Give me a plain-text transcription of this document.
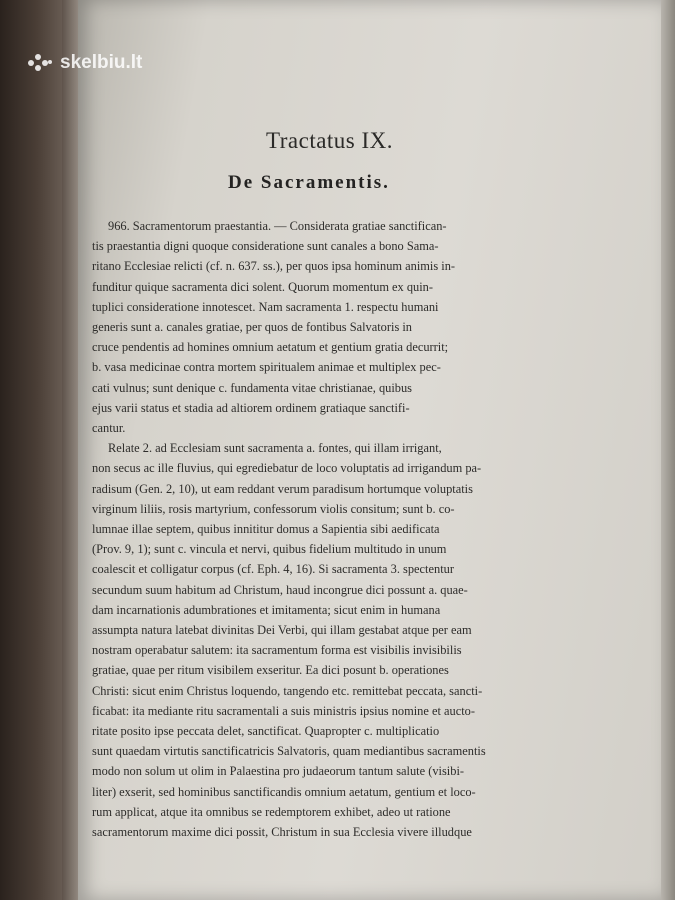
skelbiu.lt
Tractatus IX.
De Sacramentis.
966. Sacramentorum praestantia. — Considerata gratiae sanctifican-
tis praestantia digni quoque consideratione sunt canales a bono Sama-
ritano Ecclesiae relicti (cf. n. 637. ss.), per quos ipsa hominum animis in-
funditur quique sacramenta dici solent. Quorum momentum ex quin-
tuplici consideratione innotescet. Nam sacramenta 1. respectu humani
generis sunt a. canales gratiae, per quos de fontibus Salvatoris in
cruce pendentis ad homines omnium aetatum et gentium gratia decurrit;
b. vasa medicinae contra mortem spiritualem animae et multiplex pec-
cati vulnus; sunt denique c. fundamenta vitae christianae, quibus
ejus varii status et stadia ad altiorem ordinem gratiaque sanctifi-
cantur.
Relate 2. ad Ecclesiam sunt sacramenta a. fontes, qui illam irrigant,
non secus ac ille fluvius, qui egrediebatur de loco voluptatis ad irrigandum pa-
radisum (Gen. 2, 10), ut eam reddant verum paradisum hortumque voluptatis
virginum liliis, rosis martyrium, confessorum violis consitum; sunt b. co-
lumnae illae septem, quibus innititur domus a Sapientia sibi aedificata
(Prov. 9, 1); sunt c. vincula et nervi, quibus fidelium multitudo in unum
coalescit et colligatur corpus (cf. Eph. 4, 16). Si sacramenta 3. spectentur
secundum suum habitum ad Christum, haud incongrue dici possunt a. quae-
dam incarnationis adumbrationes et imitamenta; sicut enim in humana
assumpta natura latebat divinitas Dei Verbi, qui illam gestabat atque per eam
nostram operabatur salutem: ita sacramentum forma est visibilis invisibilis
gratiae, quae per ritum visibilem exseritur. Ea dici posunt b. operationes
Christi: sicut enim Christus loquendo, tangendo etc. remittebat peccata, sancti-
ficabat: ita mediante ritu sacramentali a suis ministris ipsius nomine et aucto-
ritate posito ipse peccata delet, sanctificat. Quapropter c. multiplicatio
sunt quaedam virtutis sanctificatricis Salvatoris, quam mediantibus sacramentis
modo non solum ut olim in Palaestina pro judaeorum tantum salute (visibi-
liter) exserit, sed hominibus sanctificandis omnium aetatum, gentium et loco-
rum applicat, atque ita omnibus se redemptorem exhibet, adeo ut ratione
sacramentorum maxime dici possit, Christum in sua Ecclesia vivere illudque
